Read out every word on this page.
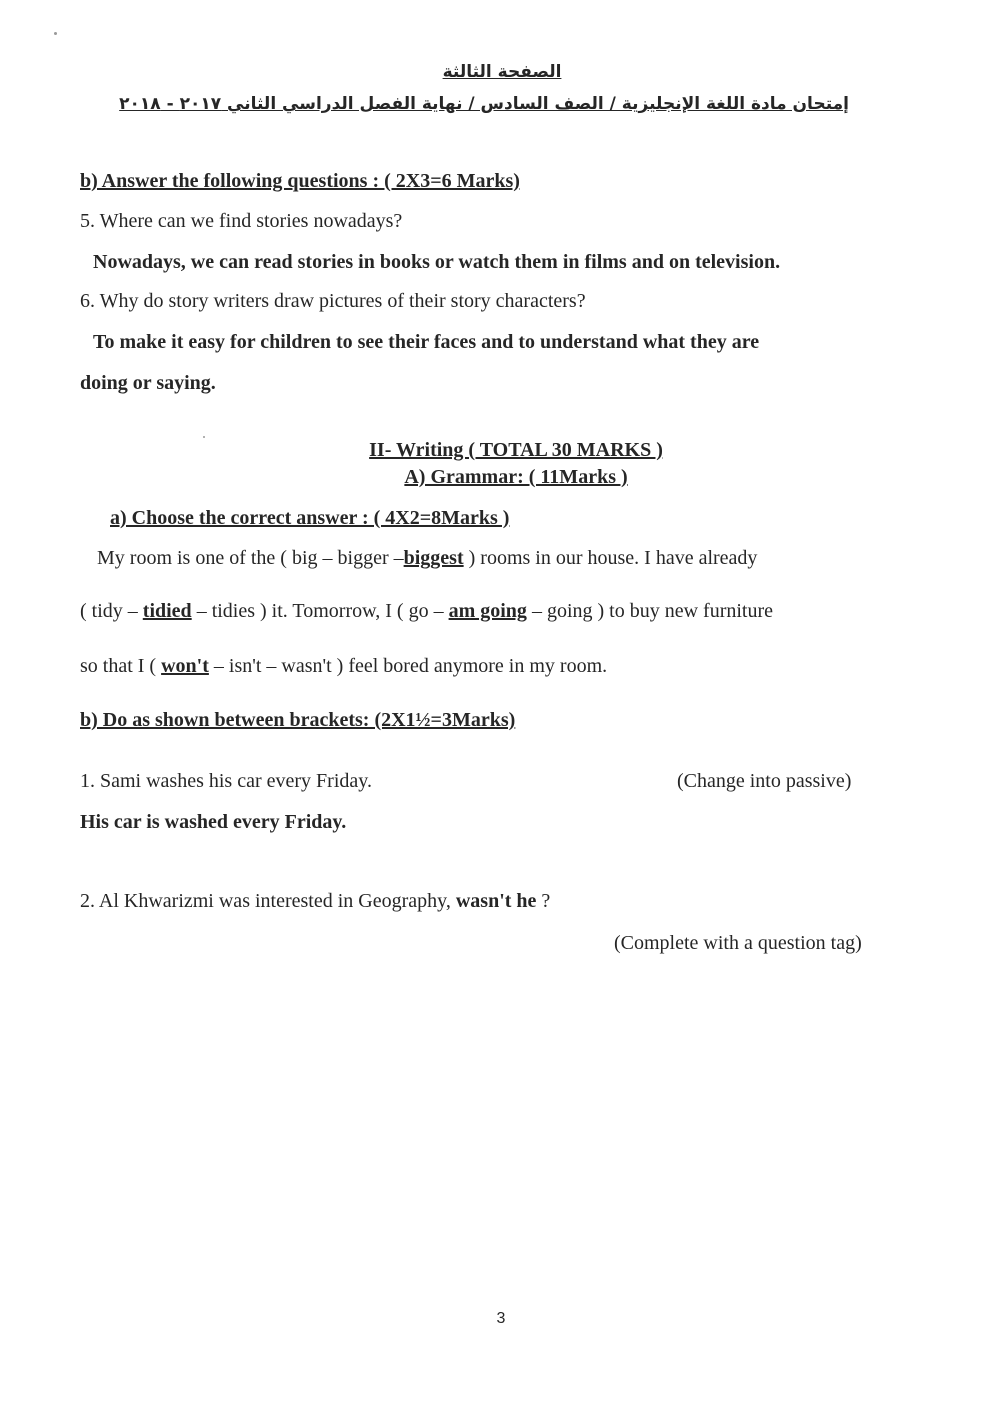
الصفحة الثالثة
إمتحان مادة اللغة الإنجليزية / الصف السادس / نهاية الفصل الدراسي الثاني ٢٠١٧ - ٢٠١٨
b) Answer the following questions : ( 2X3=6 Marks)
5. Where can we find stories nowadays?
Nowadays, we can read stories in books or watch them in films and on television.
6. Why do story writers draw pictures of their story characters?
To make it easy for children to see their faces and to understand what they are
doing or saying.
II- Writing ( TOTAL 30 MARKS )
A) Grammar: ( 11Marks )
a) Choose the correct answer : ( 4X2=8Marks )
My room is one of the ( big – bigger –biggest ) rooms in our house. I have already
( tidy – tidied – tidies ) it. Tomorrow, I ( go – am going – going ) to buy new furniture
so that I ( won't – isn't – wasn't ) feel bored anymore in my room.
b) Do as shown between brackets: (2X1½=3Marks)
1. Sami washes his car every Friday.	(Change into passive)
His car is washed every Friday.
2. Al Khwarizmi was interested in Geography, wasn't he ?
(Complete with a question tag)
3
